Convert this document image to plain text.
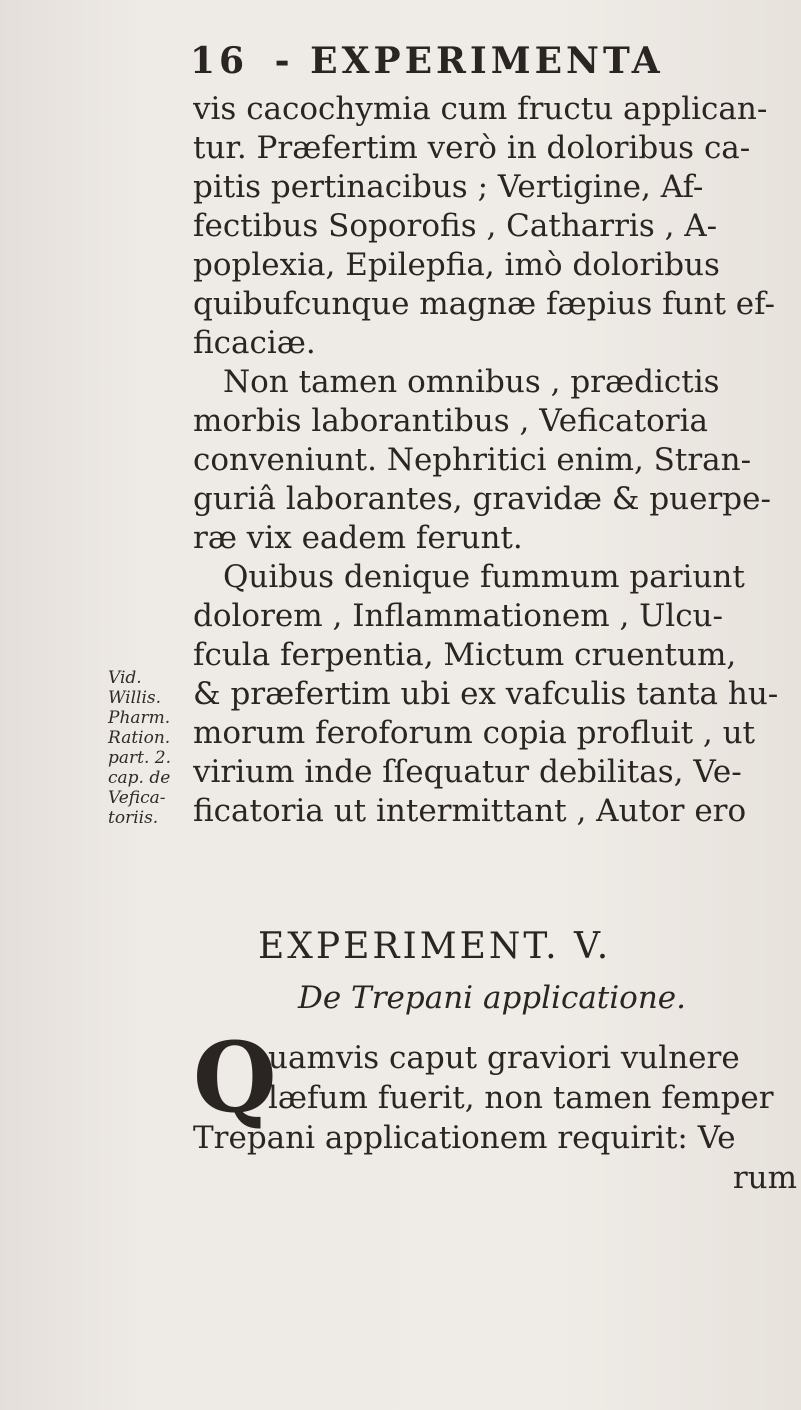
16 - EXPERIMENTA
vis cacochymia cum fructu applican-
tur. Præfertim verò in doloribus ca-
pitis pertinacibus ; Vertigine, Af-
fectibus Soporofis , Catharris , A-
poplexia, Epilepfia, imò doloribus
quibufcunque magnæ fæpius funt ef-
ficaciæ.
Non tamen omnibus , prædictis
morbis laborantibus , Veficatoria
conveniunt. Nephritici enim, Stran-
guriâ laborantes, gravidæ & puerpe-
ræ vix eadem ferunt.
Quibus denique fummum pariunt
dolorem , Inflammationem , Ulcu-
fcula ferpentia, Mictum cruentum,
& præfertim ubi ex vafculis tanta hu-
morum feroforum copia profluit , ut
virium inde ſſequatur debilitas, Ve-
ficatoria ut intermittant , Autor ero
Vid.
Willis.
Pharm.
Ration.
part. 2.
cap. de
Vefica-
toriis.
EXPERIMENT. V.
De Trepani applicatione.
Q
uamvis caput graviori vulnere
læfum fuerit, non tamen femper
Trepani applicationem requirit: Ve
rum
